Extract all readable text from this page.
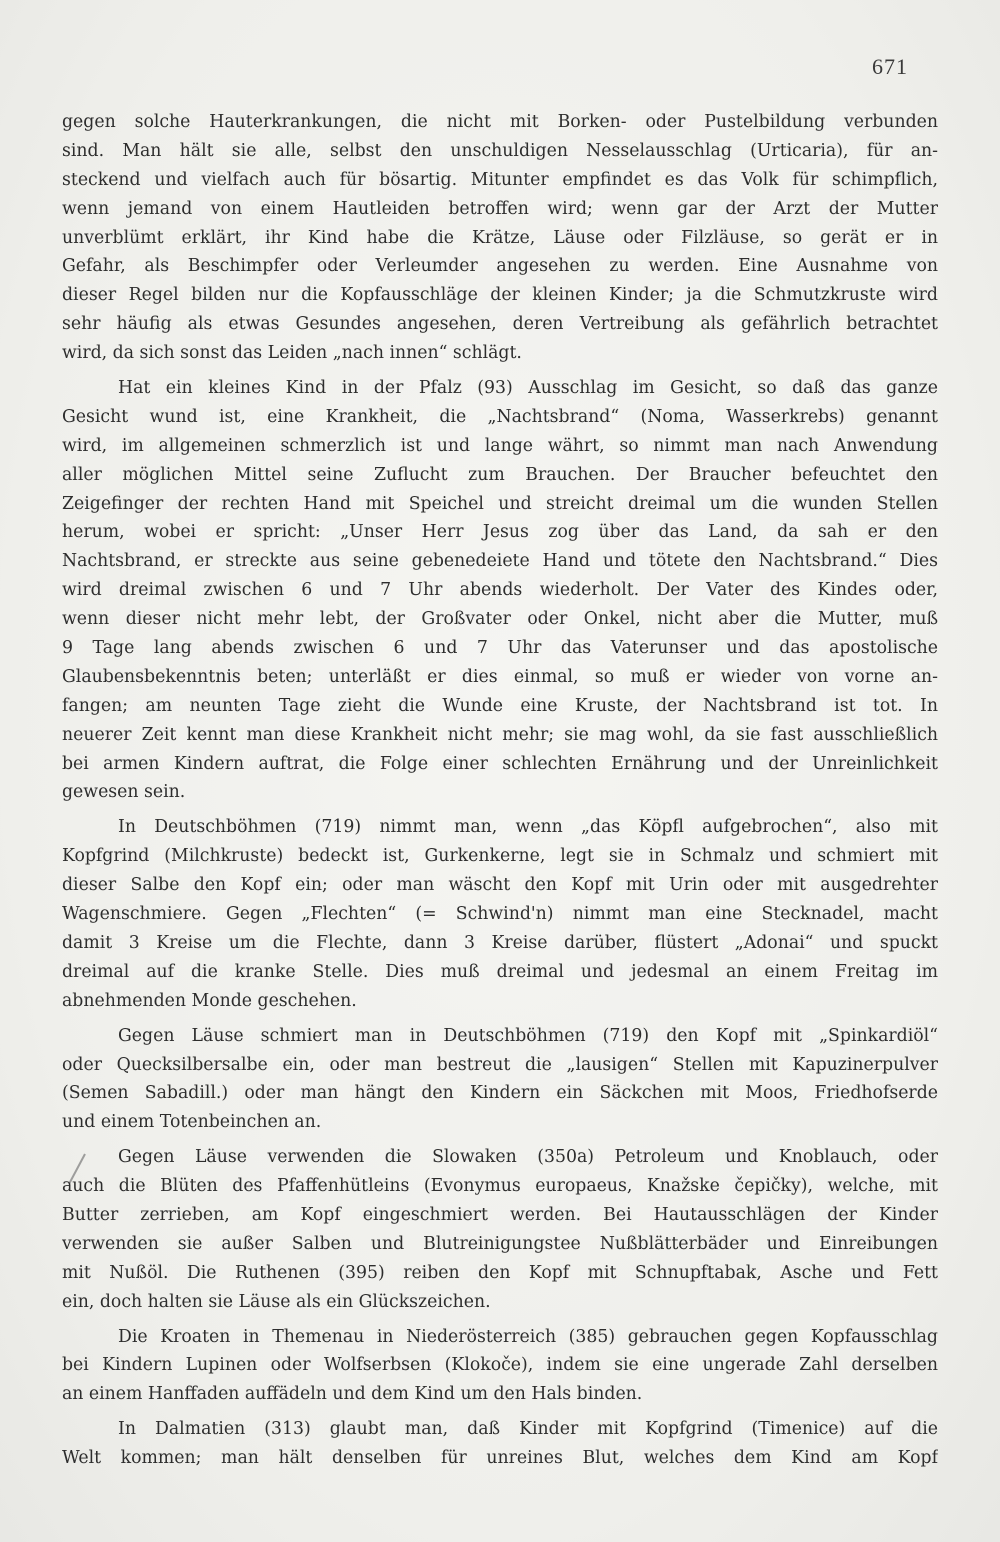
671
gegen solche Hauterkrankungen, die nicht mit Borken- oder Pustelbildung verbunden
sind. Man hält sie alle, selbst den unschuldigen Nesselausschlag (Urticaria), für an-
steckend und vielfach auch für bösartig. Mitunter empfindet es das Volk für schimpflich,
wenn jemand von einem Hautleiden betroffen wird; wenn gar der Arzt der Mutter
unverblümt erklärt, ihr Kind habe die Krätze, Läuse oder Filzläuse, so gerät er in
Gefahr, als Beschimpfer oder Verleumder angesehen zu werden. Eine Ausnahme von
dieser Regel bilden nur die Kopfausschläge der kleinen Kinder; ja die Schmutzkruste wird
sehr häufig als etwas Gesundes angesehen, deren Vertreibung als gefährlich betrachtet
wird, da sich sonst das Leiden „nach innen“ schlägt.
Hat ein kleines Kind in der Pfalz (93) Ausschlag im Gesicht, so daß das ganze
Gesicht wund ist, eine Krankheit, die „Nachtsbrand“ (Noma, Wasserkrebs) genannt
wird, im allgemeinen schmerzlich ist und lange währt, so nimmt man nach Anwendung
aller möglichen Mittel seine Zuflucht zum Brauchen. Der Braucher befeuchtet den
Zeigefinger der rechten Hand mit Speichel und streicht dreimal um die wunden Stellen
herum, wobei er spricht: „Unser Herr Jesus zog über das Land, da sah er den
Nachtsbrand, er streckte aus seine gebenedeiete Hand und tötete den Nachtsbrand.“ Dies
wird dreimal zwischen 6 und 7 Uhr abends wiederholt. Der Vater des Kindes oder,
wenn dieser nicht mehr lebt, der Großvater oder Onkel, nicht aber die Mutter, muß
9 Tage lang abends zwischen 6 und 7 Uhr das Vaterunser und das apostolische
Glaubensbekenntnis beten; unterläßt er dies einmal, so muß er wieder von vorne an-
fangen; am neunten Tage zieht die Wunde eine Kruste, der Nachtsbrand ist tot. In
neuerer Zeit kennt man diese Krankheit nicht mehr; sie mag wohl, da sie fast ausschließlich
bei armen Kindern auftrat, die Folge einer schlechten Ernährung und der Unreinlichkeit
gewesen sein.
In Deutschböhmen (719) nimmt man, wenn „das Köpfl aufgebrochen“, also mit
Kopfgrind (Milchkruste) bedeckt ist, Gurkenkerne, legt sie in Schmalz und schmiert mit
dieser Salbe den Kopf ein; oder man wäscht den Kopf mit Urin oder mit ausgedrehter
Wagenschmiere. Gegen „Flechten“ (= Schwind'n) nimmt man eine Stecknadel, macht
damit 3 Kreise um die Flechte, dann 3 Kreise darüber, flüstert „Adonai“ und spuckt
dreimal auf die kranke Stelle. Dies muß dreimal und jedesmal an einem Freitag im
abnehmenden Monde geschehen.
Gegen Läuse schmiert man in Deutschböhmen (719) den Kopf mit „Spinkardiöl“
oder Quecksilbersalbe ein, oder man bestreut die „lausigen“ Stellen mit Kapuzinerpulver
(Semen Sabadill.) oder man hängt den Kindern ein Säckchen mit Moos, Friedhofserde
und einem Totenbeinchen an.
Gegen Läuse verwenden die Slowaken (350a) Petroleum und Knoblauch, oder
auch die Blüten des Pfaffenhütleins (Evonymus europaeus, Knažske čepičky), welche, mit
Butter zerrieben, am Kopf eingeschmiert werden. Bei Hautausschlägen der Kinder
verwenden sie außer Salben und Blutreinigungstee Nußblätterbäder und Einreibungen
mit Nußöl. Die Ruthenen (395) reiben den Kopf mit Schnupftabak, Asche und Fett
ein, doch halten sie Läuse als ein Glückszeichen.
Die Kroaten in Themenau in Niederösterreich (385) gebrauchen gegen Kopfausschlag
bei Kindern Lupinen oder Wolfserbsen (Klokoče), indem sie eine ungerade Zahl derselben
an einem Hanffaden auffädeln und dem Kind um den Hals binden.
In Dalmatien (313) glaubt man, daß Kinder mit Kopfgrind (Timenice) auf die
Welt kommen; man hält denselben für unreines Blut, welches dem Kind am Kopf
